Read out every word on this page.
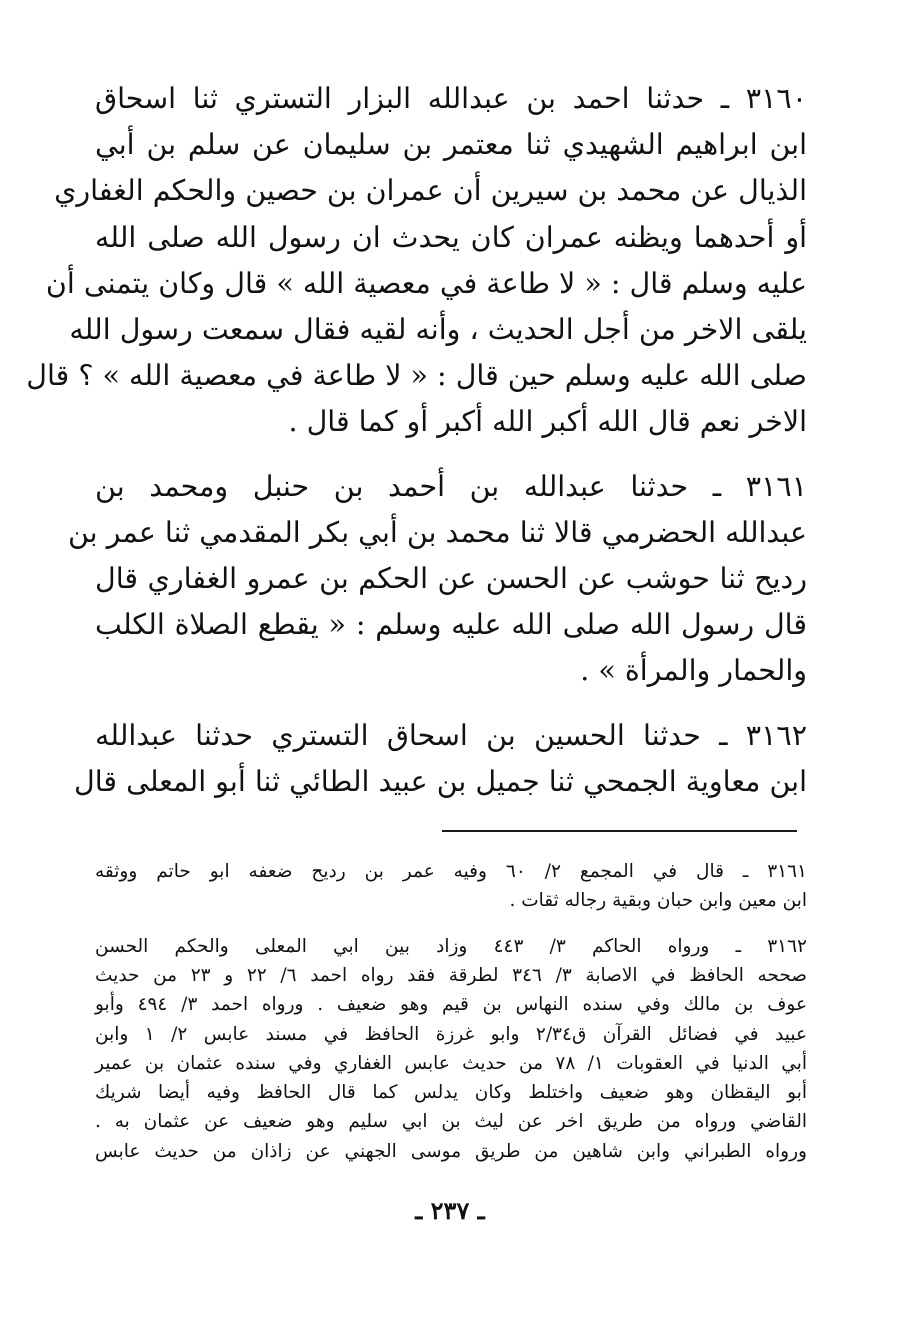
٣١٦٠ ـ حدثنا احمد بن عبدالله البزار التستري ثنا اسحاق
ابن ابراهيم الشهيدي ثنا معتمر بن سليمان عن سلم بن أبي
الذيال عن محمد بن سيرين أن عمران بن حصين والحكم الغفاري
أو أحدهما ويظنه عمران كان يحدث ان رسول الله صلى الله
عليه وسلم قال : « لا طاعة في معصية الله » قال وكان يتمنى أن
يلقى الاخر من أجل الحديث ، وأنه لقيه فقال سمعت رسول الله
صلى الله عليه وسلم حين قال : « لا طاعة في معصية الله » ؟ قال
الاخر نعم قال الله أكبر الله أكبر أو كما قال .
٣١٦١ ـ حدثنا عبدالله بن أحمد بن حنبل ومحمد بن
عبدالله الحضرمي قالا ثنا محمد بن أبي بكر المقدمي ثنا عمر بن
رديح ثنا حوشب عن الحسن عن الحكم بن عمرو الغفاري قال
قال رسول الله صلى الله عليه وسلم : « يقطع الصلاة الكلب
والحمار والمرأة » .
٣١٦٢ ـ حدثنا الحسين بن اسحاق التستري حدثنا عبدالله
ابن معاوية الجمحي ثنا جميل بن عبيد الطائي ثنا أبو المعلى قال
٣١٦١ ـ قال في المجمع ٢/ ٦٠ وفيه عمر بن رديح ضعفه ابو حاتم ووثقه
ابن معين وابن حبان وبقية رجاله ثقات .
٣١٦٢ ـ ورواه الحاكم ٣/ ٤٤٣ وزاد بين ابي المعلى والحكم الحسن
صححه الحافظ في الاصابة ٣/ ٣٤٦ لطرقة فقد رواه احمد ٦/ ٢٢ و ٢٣ من حديث
عوف بن مالك وفي سنده النهاس بن قيم وهو ضعيف . ورواه احمد ٣/ ٤٩٤ وأبو
عبيد في فضائل القرآن ق٢/٣٤ وابو غرزة الحافظ في مسند عابس ٢/ ١ وابن
أبي الدنيا في العقوبات ١/ ٧٨ من حديث عابس الغفاري وفي سنده عثمان بن عمير
أبو اليقظان وهو ضعيف واختلط وكان يدلس كما قال الحافظ وفيه أيضا شريك
القاضي ورواه من طريق اخر عن ليث بن ابي سليم وهو ضعيف عن عثمان به .
ورواه الطبراني وابن شاهين من طريق موسى الجهني عن زاذان من حديث عابس
ـ ٢٣٧ ـ
